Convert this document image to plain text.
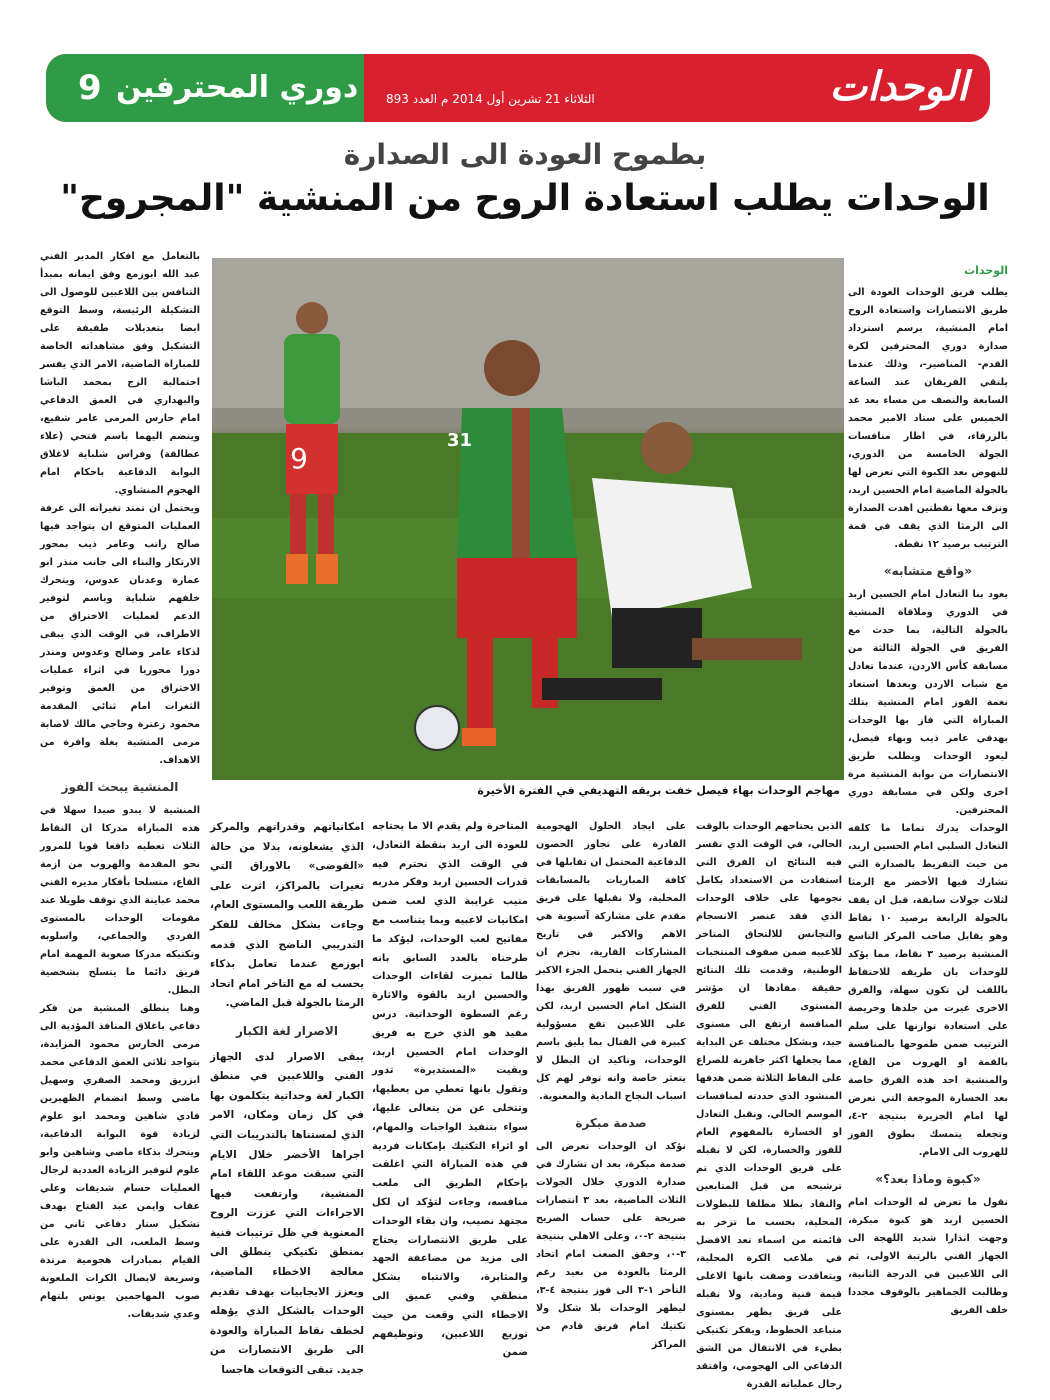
9 دوري المحترفين الثلاثاء 21 تشرين أول 2014 م العدد 893	الوحدات
بطموح العودة الى الصدارة
الوحدات يطلب استعادة الروح من المنشية "المجروح"
9
31
مهاجم الوحدات بهاء فيصل خفت بريقه التهديفي في الفترة الأخيرة
الوحدات

يطلب فريق الوحدات العودة الى طريق الانتصارات واستعادة الروح امام المنشية، برسم استرداد صدارة دوري المحترفين لكرة القدم- المناصير-، وذلك عندما يلتقي الفريقان عند الساعة السابعة والنصف من مساء بعد غد الخميس على ستاد الامير محمد بالزرقاء، في اطار منافسات الجولة الخامسة من الدوري، للنهوض بعد الكبوة التي تعرض لها بالجولة الماضية امام الحسين اربد، ونزف معها نقطتين اهدت الصدارة الى الرمثا الذي يقف في قمة الترتيب برصيد ١٢ نقطة.

«واقع متشابه»

يعود بنا التعادل امام الحسين اربد في الدوري وملاقاة المنشية بالجولة التالية، بما حدث مع الفريق في الجولة الثالثة من مسابقة كأس الاردن، عندما تعادل مع شباب الاردن وبعدها استعاد نغمة الفوز امام المنشية بتلك المباراة التي فاز بها الوحدات بهدفي عامر ذيب وبهاء فيصل، ليعود الوحدات ويطلب طريق الانتصارات من بوابة المنشية مرة اخرى ولكن في مسابقة دوري المحترفين.

الوحدات يدرك تماما ما كلفه التعادل السلبي امام الحسين اربد، من حيث التفريط بالصدارة التي تشارك فيها الأخضر مع الرمثا لثلاث جولات سابقة، قبل ان يقف بالجولة الرابعة برصيد ١٠ نقاط وهو يقابل صاحب المركز التاسع المنشية برصيد ٣ نقاط، مما يؤكد للوحدات بان طريقه للاحتفاظ باللقب لن تكون سهلة، والفرق الاخرى غيرت من جلدها وحريصة على استعادة توازنها على سلم الترتيب ضمن طموحها بالمنافسة بالقمة او الهروب من القاع، والمنشية احد هذه الفرق خاصة بعد الخسارة الموجعة التي تعرض لها امام الجزيرة بنتيجة ٢-٤، وتجعله يتمسك بطوق الفوز للهروب الى الامام.

«كبوة وماذا بعد؟»

نقول ما تعرض له الوحدات امام الحسين اربد هو كبوة مبكرة، وجهت انذارا شديد اللهجة الى الجهاز الفني بالرتبة الاولى، ثم الى اللاعبين في الدرجة الثانية، وطالبت الجماهير بالوقوف مجددا خلف الفريق

بالتعامل مع افكار المدير الفني عبد الله ابوزمع وفق ايمانه بمبدأ التنافس بين اللاعبين للوصول الى التشكيلة الرئيسة، وسط التوقع ايضا بتعديلات طفيفة على التشكيل وفق مشاهداته الخاصة للمباراة الماضية، الامر الذي يفسر احتمالية الزج بمحمد الباشا والبهداري في العمق الدفاعي امام حارس المرمى عامر شفيع، وينضم اليهما باسم فتحي (علاء عطالقة) وفراس شلباية لاغلاق البوابة الدفاعية باحكام امام الهجوم المنشاوي.

ويحتمل ان تمتد تغيراته الى غرفة العمليات المتوقع ان يتواجد فيها صالح راتب وعامر ذيب بمحور الارتكاز والبناء الى جانب منذر ابو عمارة وعدنان عدوس، ويتحرك خلفهم شلباية وباسم لتوفير الدعم لعمليات الاختراق من الاطراف، في الوقت الذي يبقى لذكاء عامر وصالح وعدوس ومنذر دورا محوريا في اثراء عمليات الاختراق من العمق وتوفير الثغرات امام ثنائي المقدمة محمود زعترة وحاجي مالك لاصابة مرمى المنشية بغلة وافرة من الاهداف.

المنشية يبحث الفوز

المنشية لا يبدو صيدا سهلا في هذه المباراة مدركا ان النقاط الثلاث تعطيه دافعا قويا للمرور نحو المقدمة والهروب من ازمة القاع، متسلحا بأفكار مديره الفني محمد عباينة الذي توقف طويلا عند مقومات الوحدات بالمستوى الفردي والجماعي، واسلوبه وتكتيكه مدركا صعوبة المهمة امام فريق دائما ما يتسلح بشخصية البطل.

وهنا ينطلق المنشية من فكر دفاعي باغلاق المنافذ المؤدية الى مرمى الحارس محمود المزايدة، بتواجد ثلاثي العمق الدفاعي محمد ابزريق ومحمد الصقري وسهيل ماضي وسط انضمام الظهيرين فادي شاهين ومحمد ابو علوم لزيادة قوة البوابة الدفاعية، ويتحرك بذكاء ماضي وشاهين وابو علوم لتوفير الزيادة العددية لرجال العمليات حسام شديفات وعلي عقاب وايمن عبد الفتاح بهدف تشكيل ستار دفاعي ثاني من وسط الملعب، الى القدرة على القيام بمبادرات هجومية مرتدة وسريعة لايصال الكرات الملعوبة صوب المهاجمين يونس بلتهام وعدي شديفات.

الذين يحتاجهم الوحدات بالوقت الحالي، في الوقت الذي تقسر فيه النتائج ان الفرق التي استفادت من الاستعداد بكامل نجومها على خلاف الوحدات الذي فقد عنصر الانسجام والتجانس للالتحاق المتاخر للاعبيه ضمن صفوف المنتخبات الوطنية، وقدمت تلك النتائج حقيقة مفادها ان مؤشر المستوى الفني للفرق المنافسة ارتفع الى مستوى جيد، وبشكل مختلف عن البداية مما يجعلها اكثر جاهزية للصراع على النقاط الثلاثة ضمن هدفها المنشود الذي حددته لمنافسات الموسم الحالي. ونقبل التعادل او الخسارة بالمفهوم العام للفوز والخسارة، لكن لا نقبله على فريق الوحدات الذي تم ترشيحه من قبل المتابعين والنقاد بطلا مطلقا للبطولات المحلية، بحسب ما تزخر به قائمته من اسماء تعد الافضل في ملاعب الكرة المحلية، ويتعاقدت وصفت بانها الاغلى قيمة فنية ومادية، ولا نقبله على فريق يظهر بمستوى متباعد الخطوط، ويفكر تكتيكي بطيء في الانتقال من الشق الدفاعي الى الهجومي، وافتقد رجال عملياته القدرة

على ايجاد الحلول الهجومية القادرة على تجاوز الحصون الدفاعية المحتمل ان تقابلها في كافة المباريات بالمسابقات المحلية، ولا نقبلها على فريق مقدم على مشاركة آسيوية هي الاهم والاكبر في تاريخ المشاركات القارية، نجزم ان الجهاز الفني يتحمل الجزء الاكبر في سبب ظهور الفريق بهذا الشكل امام الحسين اربد، لكن على اللاعبين تقع مسؤولية كبيرة في القتال بما يليق باسم الوحدات، وتاكيد ان البطل لا يتعثر خاصة وانه توفر لهم كل اسباب النجاح المادية والمعنوية.

صدمة مبكرة

نؤكد ان الوحدات تعرض الى صدمة مبكرة، بعد ان تشارك في صدارة الدوري خلال الجولات الثلاث الماضية، بعد ٣ انتصارات صريحة على حساب الصريح بنتيجة ٢-٠، وعلى الاهلي بنتيجة ٣-٠، وحقق الصعب امام اتحاد الرمثا بالعودة من بعيد رغم التأخر ١-٣ الى فوز بنتيجة ٤-٣، ليظهر الوحدات بلا شكل ولا تكتيك امام فريق قادم من المراكز

المتاخرة ولم يقدم الا ما يحتاجه للعودة الى اربد بنقطة التعادل، في الوقت الذي نحترم فيه قدرات الحسين اربد وفكر مدربه منيب غرايبة الذي لعب ضمن امكانيات لاعبيه وبما يتناسب مع مفاتيح لعب الوحدات، ليؤكد ما طرحناه بالعدد السابق بانه طالما تميزت لقاءات الوحدات والحسين اربد بالقوة والاثارة رغم السطوة الوحداتية. درس مفيد هو الذي خرج به فريق الوحدات امام الحسين اربد، وبقيت «المستديرة» تدور وتقول بانها تعطي من يعطيها، وتتخلى عن من يتعالى عليها، سواء بتنفيذ الواجبات والمهام، او اثراء التكتيك بإمكانات فردية في هذه المباراة التي اغلقت بإحكام الطريق الى ملعب منافسه، وجاءت لتؤكد ان لكل مجتهد نصيب، وان بقاء الوحدات على طريق الانتصارات يحتاج الى مزيد من مضاعفة الجهد والمثابرة، والانتباه بشكل منطقي وفني عميق الى الاخطاء التي وقعت من حيث توزيع اللاعبين، وتوظيفهم ضمن

امكانياتهم وقدراتهم والمركز الذي يشغلونه، بدلا من حالة «الفوضى» بالاوراق التي تغيرات بالمراكز، اثرت على طريقة اللعب والمستوى العام، وجاءت بشكل مخالف للفكر التدريبي الناضج الذي قدمه ابوزمع عندما تعامل بذكاء يحسب له مع التاخر امام اتحاد الرمثا بالجولة قبل الماضي.

الاصرار لغة الكبار

يبقى الاصرار لدى الجهاز الفني واللاعبين في منطق الكبار لغة وحداتية يتكلمون بها في كل زمان ومكان، الامر الذي لمستناها بالتدريبات التي اجراها الأخضر خلال الايام التي سبقت موعد اللقاء امام المنشية، وارتفعت فيها الاجراءات التي عززت الروح المعنوية في ظل ترتيبات فنية بمنطق تكتيكي ينطلق الى معالجة الاخطاء الماضية، ويعزز الايجابيات بهدف تقديم الوحدات بالشكل الذي يؤهله لخطف نقاط المباراة والعودة الى طريق الانتصارات من جديد. تبقى التوقعات هاجسا
